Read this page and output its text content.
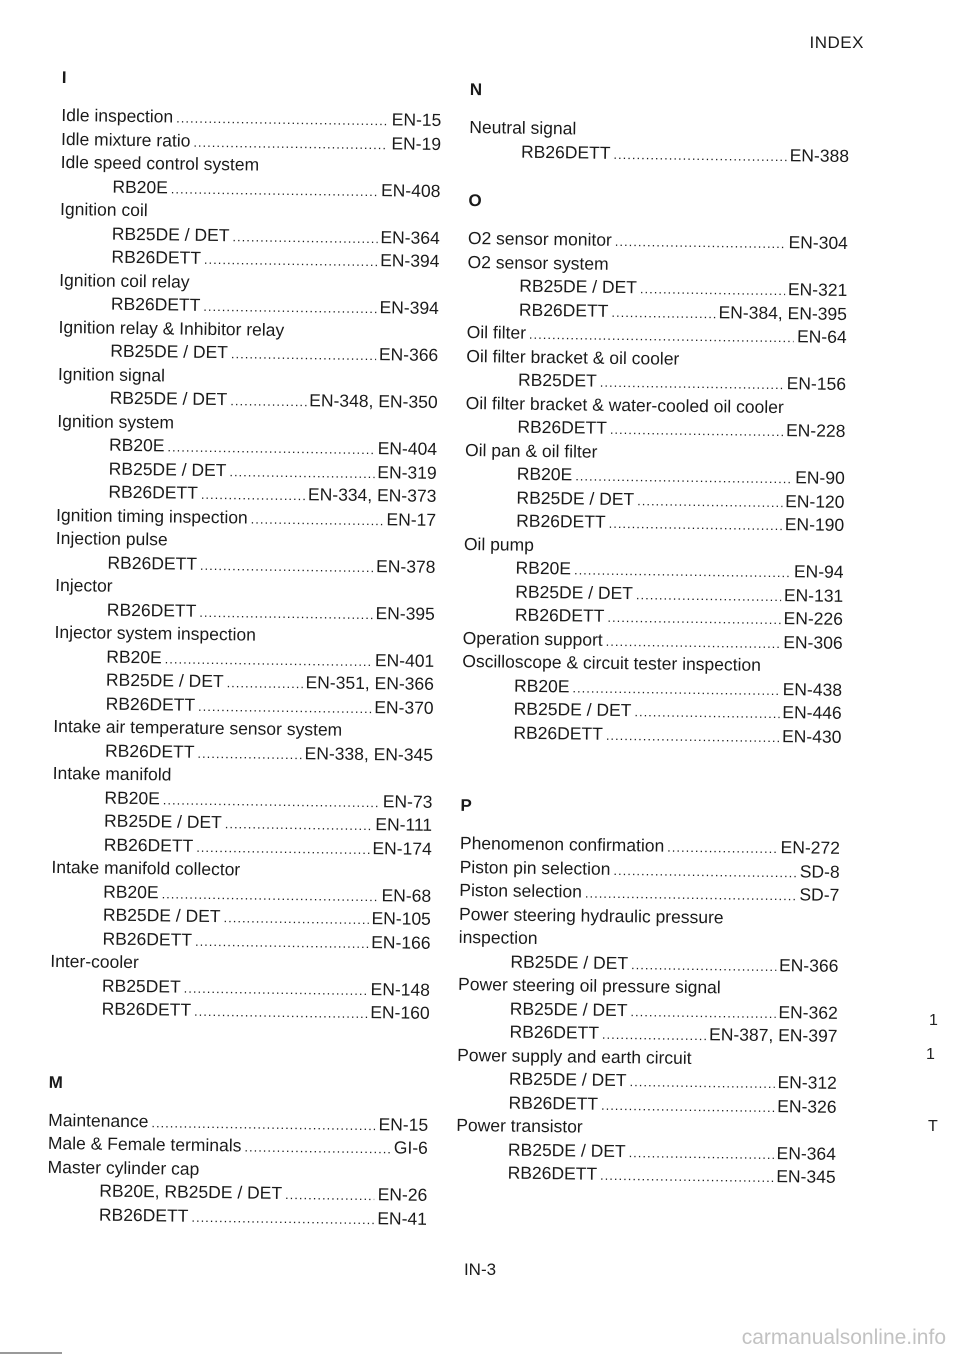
INDEX
I
Idle inspection .....	EN-15
Idle mixture ratio .....	EN-19
Idle speed control system
RB20E .....	EN-408
Ignition coil
RB25DE / DET .....	EN-364
RB26DETT .....	EN-394
Ignition coil relay
RB26DETT .....	EN-394
Ignition relay & Inhibitor relay
RB25DE / DET .....	EN-366
Ignition signal
RB25DE / DET .....	EN-348, EN-350
Ignition system
RB20E .....	EN-404
RB25DE / DET .....	EN-319
RB26DETT .....	EN-334, EN-373
Ignition timing inspection .....	EN-17
Injection pulse
RB26DETT .....	EN-378
Injector
RB26DETT .....	EN-395
Injector system inspection
RB20E .....	EN-401
RB25DE / DET .....	EN-351, EN-366
RB26DETT .....	EN-370
Intake air temperature sensor system
RB26DETT .....	EN-338, EN-345
Intake manifold
RB20E .....	EN-73
RB25DE / DET .....	EN-111
RB26DETT .....	EN-174
Intake manifold collector
RB20E .....	EN-68
RB25DE / DET .....	EN-105
RB26DETT .....	EN-166
Inter-cooler
RB25DET .....	EN-148
RB26DETT .....	EN-160
M
Maintenance .....	EN-15
Male & Female terminals .....	GI-6
Master cylinder cap
RB20E, RB25DE / DET .....	EN-26
RB26DETT .....	EN-41
N
Neutral signal
RB26DETT .....	EN-388
O
O2 sensor monitor .....	EN-304
O2 sensor system
RB25DE / DET .....	EN-321
RB26DETT .....	EN-384, EN-395
Oil filter .....	EN-64
Oil filter bracket & oil cooler
RB25DET .....	EN-156
Oil filter bracket & water-cooled oil cooler
RB26DETT .....	EN-228
Oil pan & oil filter
RB20E .....	EN-90
RB25DE / DET .....	EN-120
RB26DETT .....	EN-190
Oil pump
RB20E .....	EN-94
RB25DE / DET .....	EN-131
RB26DETT .....	EN-226
Operation support .....	EN-306
Oscilloscope & circuit tester inspection
RB20E .....	EN-438
RB25DE / DET .....	EN-446
RB26DETT .....	EN-430
P
Phenomenon confirmation .....	EN-272
Piston pin selection .....	SD-8
Piston selection .....	SD-7
Power steering hydraulic pressure
inspection
RB25DE / DET .....	EN-366
Power steering oil pressure signal
RB25DE / DET .....	EN-362
RB26DETT .....	EN-387, EN-397
Power supply and earth circuit
RB25DE / DET .....	EN-312
RB26DETT .....	EN-326
Power transistor
RB25DE / DET .....	EN-364
RB26DETT .....	EN-345
IN-3
1
1
T
carmanualsonline.info
